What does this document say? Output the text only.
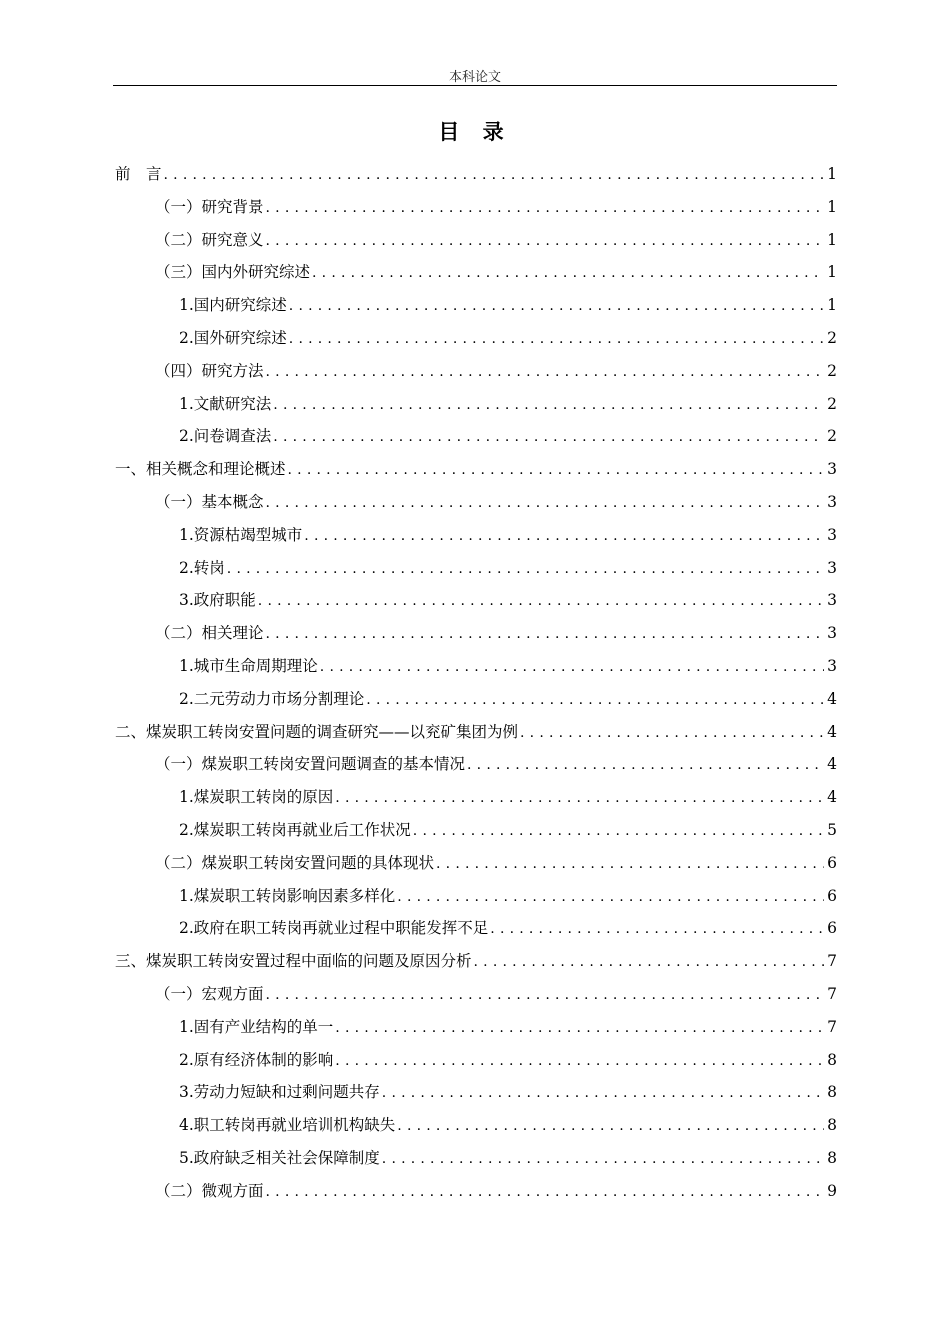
本科论文
目 录
前　言 .....	1
（一）研究背景 .....	1
（二）研究意义 .....	1
（三）国内外研究综述 .....	1
1.国内研究综述 .....	1
2.国外研究综述 .....	2
（四）研究方法 .....	2
1.文献研究法 .....	2
2.问卷调查法 .....	2
一、相关概念和理论概述 .....	3
（一）基本概念 .....	3
1.资源枯竭型城市 .....	3
2.转岗 .....	3
3.政府职能 .....	3
（二）相关理论 .....	3
1.城市生命周期理论 .....	3
2.二元劳动力市场分割理论 .....	4
二、煤炭职工转岗安置问题的调查研究——以兖矿集团为例 .....	4
（一）煤炭职工转岗安置问题调查的基本情况 .....	4
1.煤炭职工转岗的原因 .....	4
2.煤炭职工转岗再就业后工作状况 .....	5
（二）煤炭职工转岗安置问题的具体现状 .....	6
1.煤炭职工转岗影响因素多样化 .....	6
2.政府在职工转岗再就业过程中职能发挥不足 .....	6
三、煤炭职工转岗安置过程中面临的问题及原因分析 .....	7
（一）宏观方面 .....	7
1.固有产业结构的单一 .....	7
2.原有经济体制的影响 .....	8
3.劳动力短缺和过剩问题共存 .....	8
4.职工转岗再就业培训机构缺失 .....	8
5.政府缺乏相关社会保障制度 .....	8
（二）微观方面 .....	9
